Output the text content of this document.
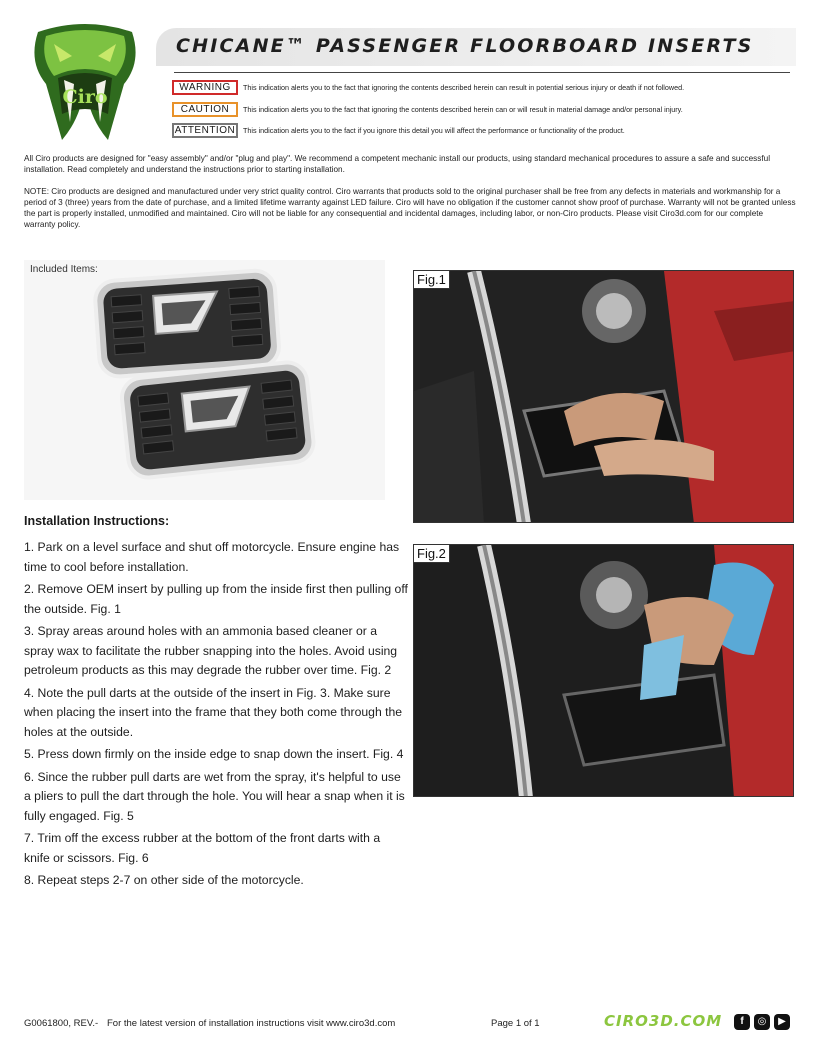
Ciro
CHICANE™ PASSENGER FLOORBOARD INSERTS
WARNING	This indication alerts you to the fact that ignoring the contents described herein can result in potential serious injury or death if not followed.
CAUTION	This indication alerts you to the fact that ignoring the contents described herein can or will result in material damage and/or personal injury.
ATTENTION	This indication alerts you to the fact if you ignore this detail you will affect the performance or functionality of the product.
All Ciro products are designed for "easy assembly" and/or "plug and play". We recommend a competent mechanic install our products, using standard mechanical procedures to assure a safe and successful installation. Read completely and understand the instructions prior to starting installation.
NOTE: Ciro products are designed and manufactured under very strict quality control. Ciro warrants that products sold to the original purchaser shall be free from any defects in materials and workmanship for a period of 3 (three) years from the date of purchase, and a limited lifetime warranty against LED failure. Ciro will have no obligation if the customer cannot show proof of purchase. Warranty will not be granted unless the part is properly installed, unmodified and maintained. Ciro will not be liable for any consequential and incidental damages, including labor, or non-Ciro products. Please visit Ciro3d.com for our complete warranty policy.
Included Items:
Installation Instructions:
1. Park on a level surface and shut off motorcycle. Ensure engine has time to cool before installation.
2. Remove OEM insert by pulling up from the inside first then pulling off the outside. Fig. 1
3. Spray areas around holes with an ammonia based cleaner or a spray wax to facilitate the rubber snapping into the holes. Avoid using petroleum products as this may degrade the rubber over time. Fig. 2
4. Note the pull darts at the outside of the insert in Fig. 3. Make sure when placing the insert into the frame that they both come through the holes at the outside.
5. Press down firmly on the inside edge to snap down the insert. Fig. 4
6. Since the rubber pull darts are wet from the spray, it's helpful to use a pliers to pull the dart through the hole. You will hear a snap when it is fully engaged. Fig. 5
7. Trim off the excess rubber at the bottom of the front darts with a knife or scissors. Fig. 6
8. Repeat steps 2-7 on other side of the motorcycle.
Fig.1
Fig.2
G0061800, REV.- For the latest version of installation instructions visit www.ciro3d.com	Page 1 of 1	CIRO3D.COM	f	◎	▶
